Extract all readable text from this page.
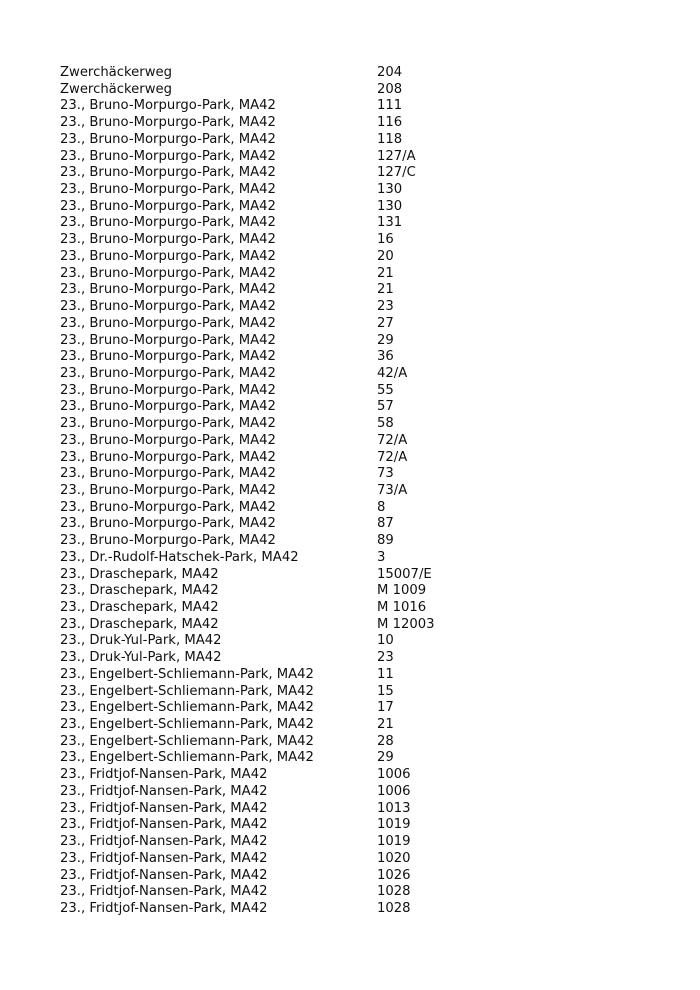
Zwerchäckerweg	204
Zwerchäckerweg	208
23., Bruno-Morpurgo-Park, MA42	111
23., Bruno-Morpurgo-Park, MA42	116
23., Bruno-Morpurgo-Park, MA42	118
23., Bruno-Morpurgo-Park, MA42	127/A
23., Bruno-Morpurgo-Park, MA42	127/C
23., Bruno-Morpurgo-Park, MA42	130
23., Bruno-Morpurgo-Park, MA42	130
23., Bruno-Morpurgo-Park, MA42	131
23., Bruno-Morpurgo-Park, MA42	16
23., Bruno-Morpurgo-Park, MA42	20
23., Bruno-Morpurgo-Park, MA42	21
23., Bruno-Morpurgo-Park, MA42	21
23., Bruno-Morpurgo-Park, MA42	23
23., Bruno-Morpurgo-Park, MA42	27
23., Bruno-Morpurgo-Park, MA42	29
23., Bruno-Morpurgo-Park, MA42	36
23., Bruno-Morpurgo-Park, MA42	42/A
23., Bruno-Morpurgo-Park, MA42	55
23., Bruno-Morpurgo-Park, MA42	57
23., Bruno-Morpurgo-Park, MA42	58
23., Bruno-Morpurgo-Park, MA42	72/A
23., Bruno-Morpurgo-Park, MA42	72/A
23., Bruno-Morpurgo-Park, MA42	73
23., Bruno-Morpurgo-Park, MA42	73/A
23., Bruno-Morpurgo-Park, MA42	8
23., Bruno-Morpurgo-Park, MA42	87
23., Bruno-Morpurgo-Park, MA42	89
23., Dr.-Rudolf-Hatschek-Park, MA42	3
23., Draschepark, MA42	15007/E
23., Draschepark, MA42	M 1009
23., Draschepark, MA42	M 1016
23., Draschepark, MA42	M 12003
23., Druk-Yul-Park, MA42	10
23., Druk-Yul-Park, MA42	23
23., Engelbert-Schliemann-Park, MA42	11
23., Engelbert-Schliemann-Park, MA42	15
23., Engelbert-Schliemann-Park, MA42	17
23., Engelbert-Schliemann-Park, MA42	21
23., Engelbert-Schliemann-Park, MA42	28
23., Engelbert-Schliemann-Park, MA42	29
23., Fridtjof-Nansen-Park, MA42	1006
23., Fridtjof-Nansen-Park, MA42	1006
23., Fridtjof-Nansen-Park, MA42	1013
23., Fridtjof-Nansen-Park, MA42	1019
23., Fridtjof-Nansen-Park, MA42	1019
23., Fridtjof-Nansen-Park, MA42	1020
23., Fridtjof-Nansen-Park, MA42	1026
23., Fridtjof-Nansen-Park, MA42	1028
23., Fridtjof-Nansen-Park, MA42	1028
